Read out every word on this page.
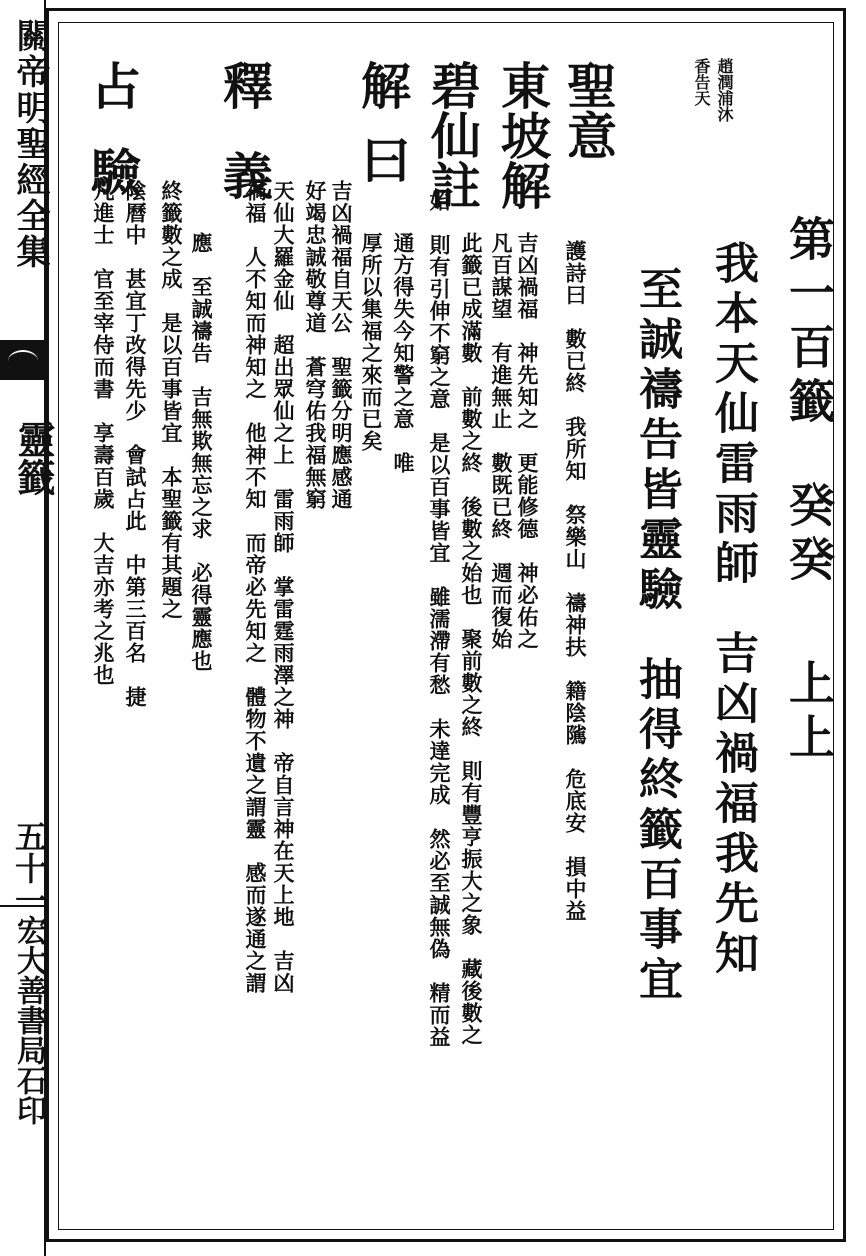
關帝明聖經全集
靈籤
五十一
宏大善書局石印
趙潤浦沐
香告天
第一百籤癸癸上上
我本天仙雷雨師吉凶禍福我先知
至誠禱告皆靈驗抽得終籤百事宜
聖意
護詩曰　數已終　我所知　祭樂山　禱神扶　籍陰隲　危底安　損中益
東坡解
吉凶禍福　神先知之　更能修德　神必佑之
凡百謀望　有進無止　數既已終　週而復始
碧仙註
此籤已成滿數　前數之終　後數之始也　聚前數之終　則有豐亨振大之象　藏後數之
始　則有引伸不窮之意　是以百事皆宜　雖濡滯有愁　未達完成　然必至誠無偽　精而益
解曰
通方得失今知警之意　唯
厚所以集福之來而已矣
吉凶禍福自天公　聖籤分明應感通
好竭忠誠敬尊道　蒼穹佑我福無窮
釋義
天仙大羅金仙　超出眾仙之上　雷雨師　掌雷霆雨澤之神　帝自言神在天上地　吉凶
禍福　人不知而神知之　他神不知　而帝必先知之　體物不遺之謂靈　感而遂通之謂
應　至誠禱告　吉無欺無忘之求　必得靈應也
終籤數之成　是以百事皆宜　本聖籤有其題之
占驗
陰曆中　甚宜丁改得先少　會試占此　中第三百名　捷
凡進士　官至宰侍而書　享壽百歲　大吉亦考之兆也
